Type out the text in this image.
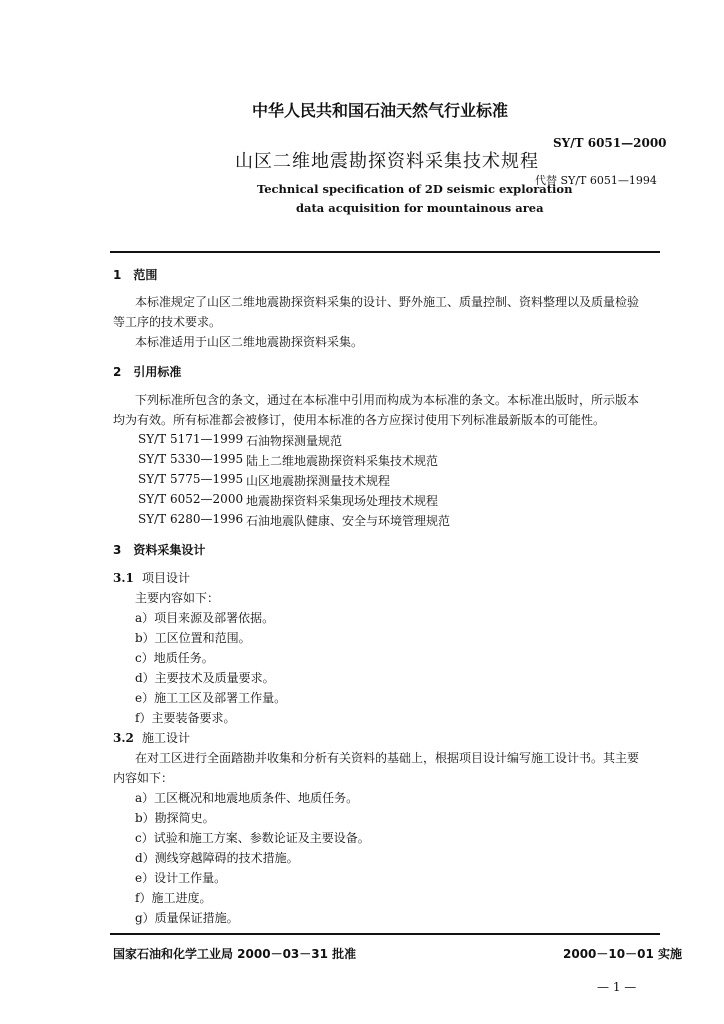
中华人民共和国石油天然气行业标准
SY/T 6051—2000
山区二维地震勘探资料采集技术规程
代替 SY/T 6051—1994
Technical specification of 2D seismic exploration
data acquisition for mountainous area
1　范围
本标准规定了山区二维地震勘探资料采集的设计、野外施工、质量控制、资料整理以及质量检验
等工序的技术要求。
本标准适用于山区二维地震勘探资料采集。
2　引用标准
下列标准所包含的条文，通过在本标准中引用而构成为本标准的条文。本标准出版时，所示版本
均为有效。所有标准都会被修订，使用本标准的各方应探讨使用下列标准最新版本的可能性。
SY/T 5171—1999 石油物探测量规范
SY/T 5330—1995 陆上二维地震勘探资料采集技术规范
SY/T 5775—1995 山区地震勘探测量技术规程
SY/T 6052—2000 地震勘探资料采集现场处理技术规程
SY/T 6280—1996 石油地震队健康、安全与环境管理规范
3　资料采集设计
3.1 项目设计
主要内容如下：
a）项目来源及部署依据。
b）工区位置和范围。
c）地质任务。
d）主要技术及质量要求。
e）施工工区及部署工作量。
f）主要装备要求。
3.2 施工设计
在对工区进行全面踏勘并收集和分析有关资料的基础上，根据项目设计编写施工设计书。其主要
内容如下：
a）工区概况和地震地质条件、地质任务。
b）勘探简史。
c）试验和施工方案、参数论证及主要设备。
d）测线穿越障碍的技术措施。
e）设计工作量。
f）施工进度。
g）质量保证措施。
国家石油和化学工业局 2000－03－31 批准	2000－10－01 实施
— 1 —
